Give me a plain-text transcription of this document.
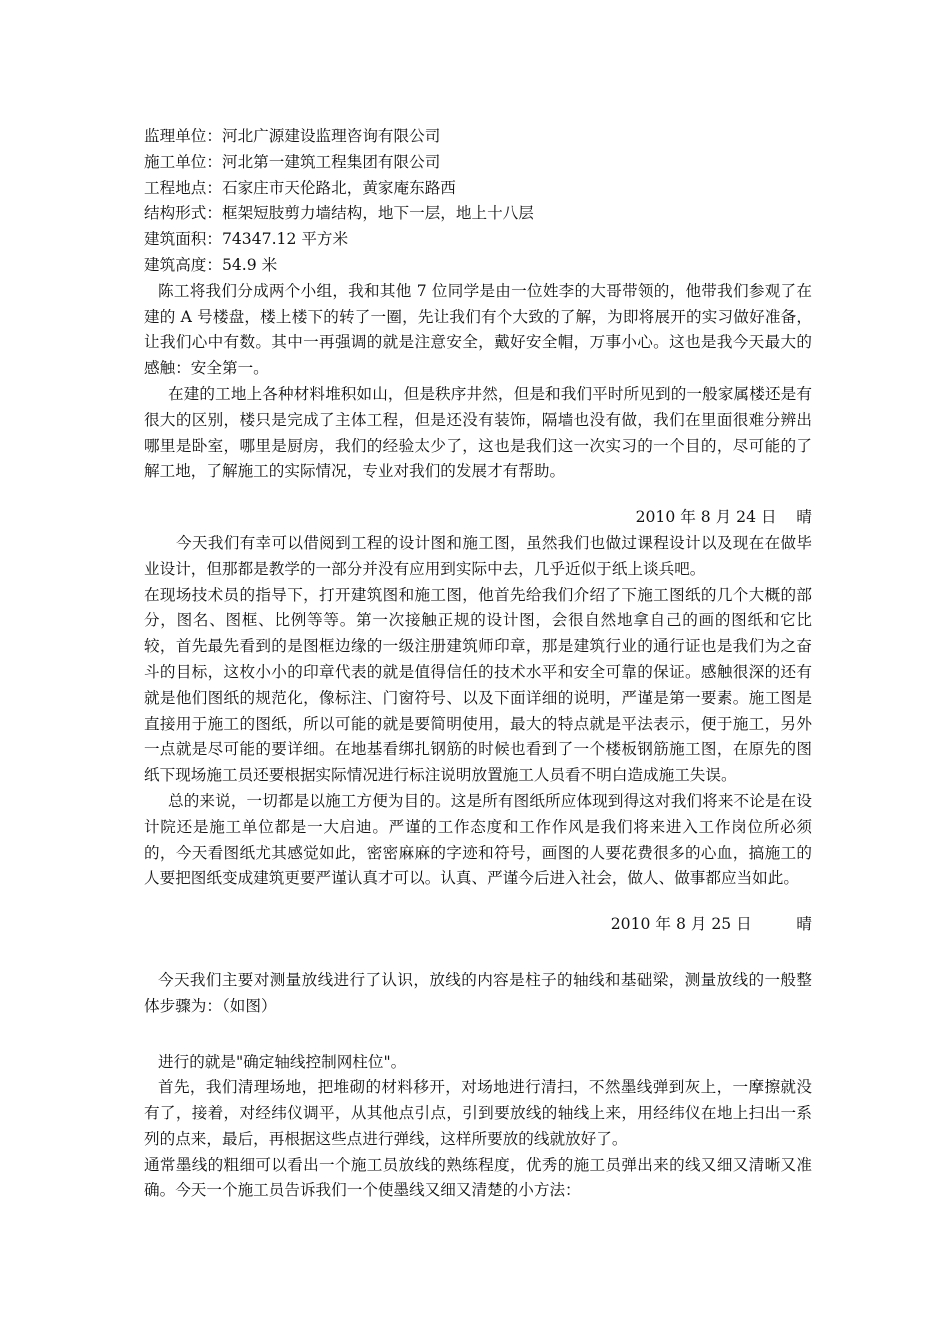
监理单位：河北广源建设监理咨询有限公司
施工单位：河北第一建筑工程集团有限公司
工程地点：石家庄市天伦路北，黄家庵东路西
结构形式：框架短肢剪力墙结构，地下一层，地上十八层
建筑面积：74347.12 平方米
建筑高度：54.9 米

陈工将我们分成两个小组，我和其他 7 位同学是由一位姓李的大哥带领的，他带我们参观了在建的 A 号楼盘，楼上楼下的转了一圈，先让我们有个大致的了解，为即将展开的实习做好准备，让我们心中有数。其中一再强调的就是注意安全，戴好安全帽，万事小心。这也是我今天最大的感触：安全第一。

在建的工地上各种材料堆积如山，但是秩序井然，但是和我们平时所见到的一般家属楼还是有很大的区别，楼只是完成了主体工程，但是还没有装饰，隔墙也没有做，我们在里面很难分辨出哪里是卧室，哪里是厨房，我们的经验太少了，这也是我们这一次实习的一个目的，尽可能的了解工地，了解施工的实际情况，专业对我们的发展才有帮助。

2010 年 8 月 24 日    晴

今天我们有幸可以借阅到工程的设计图和施工图，虽然我们也做过课程设计以及现在在做毕业设计，但那都是教学的一部分并没有应用到实际中去，几乎近似于纸上谈兵吧。

在现场技术员的指导下，打开建筑图和施工图，他首先给我们介绍了下施工图纸的几个大概的部分，图名、图框、比例等等。第一次接触正规的设计图，会很自然地拿自己的画的图纸和它比较，首先最先看到的是图框边缘的一级注册建筑师印章，那是建筑行业的通行证也是我们为之奋斗的目标，这枚小小的印章代表的就是值得信任的技术水平和安全可靠的保证。感触很深的还有就是他们图纸的规范化，像标注、门窗符号、以及下面详细的说明，严谨是第一要素。施工图是直接用于施工的图纸，所以可能的就是要简明使用，最大的特点就是平法表示，便于施工，另外一点就是尽可能的要详细。在地基看绑扎钢筋的时候也看到了一个楼板钢筋施工图，在原先的图纸下现场施工员还要根据实际情况进行标注说明放置施工人员看不明白造成施工失误。

总的来说，一切都是以施工方便为目的。这是所有图纸所应体现到得这对我们将来不论是在设计院还是施工单位都是一大启迪。严谨的工作态度和工作作风是我们将来进入工作岗位所必须的，今天看图纸尤其感觉如此，密密麻麻的字迹和符号，画图的人要花费很多的心血，搞施工的人要把图纸变成建筑更要严谨认真才可以。认真、严谨今后进入社会，做人、做事都应当如此。

2010 年 8 月 25 日         晴

今天我们主要对测量放线进行了认识，放线的内容是柱子的轴线和基础梁，测量放线的一般整体步骤为：（如图）

进行的就是"确定轴线控制网柱位"。

首先，我们清理场地，把堆砌的材料移开，对场地进行清扫，不然墨线弹到灰上，一摩擦就没有了，接着，对经纬仪调平，从其他点引点，引到要放线的轴线上来，用经纬仪在地上扫出一系列的点来，最后，再根据这些点进行弹线，这样所要放的线就放好了。

通常墨线的粗细可以看出一个施工员放线的熟练程度，优秀的施工员弹出来的线又细又清晰又准确。今天一个施工员告诉我们一个使墨线又细又清楚的小方法：
